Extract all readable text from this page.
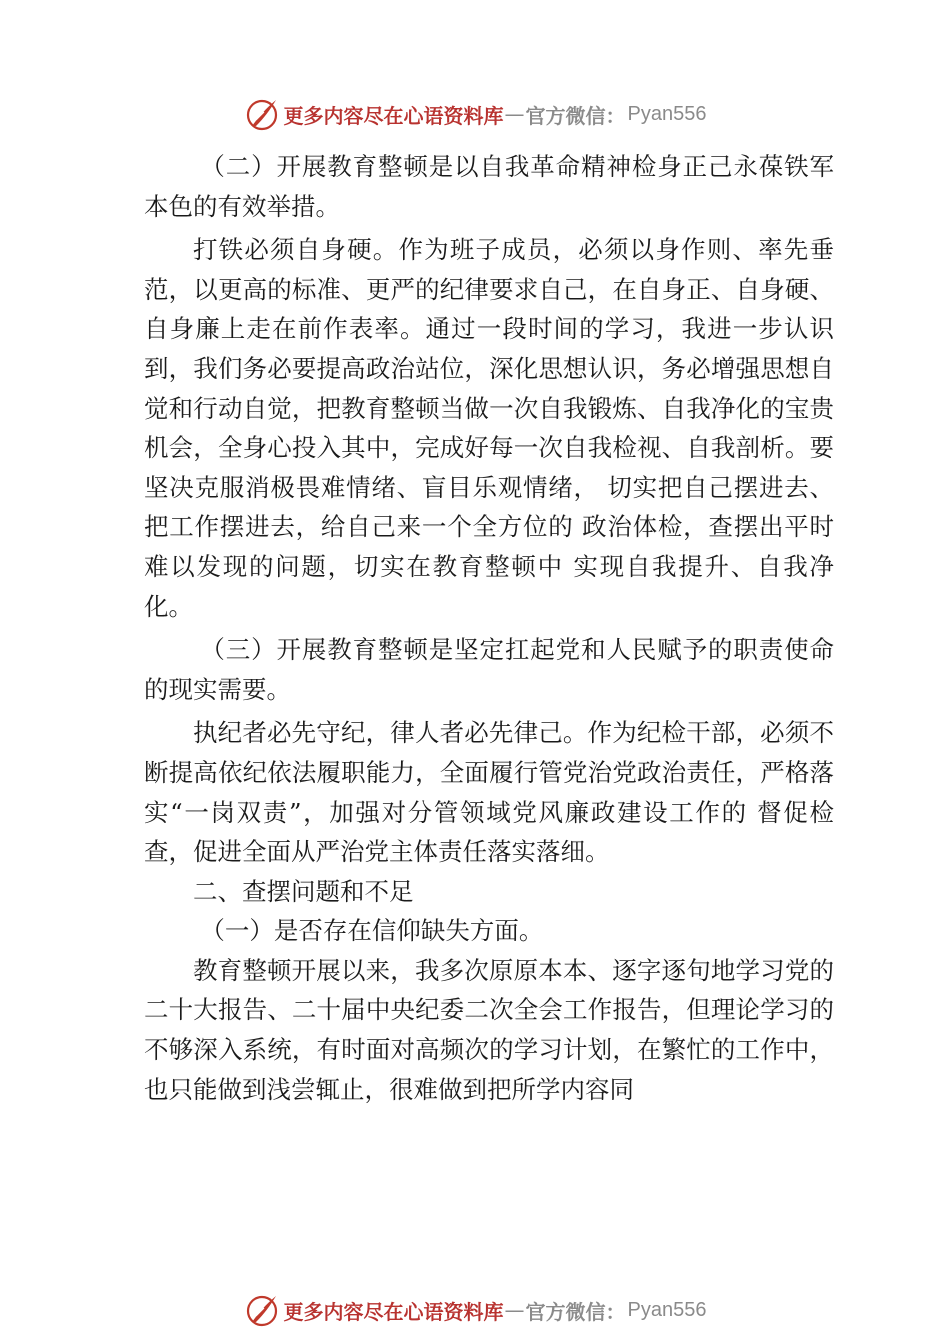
更多内容尽在心语资料库 — 官方微信： Pyan556

（二）开展教育整顿是以自我革命精神检身正己永葆铁军本色的有效举措。

打铁必须自身硬。作为班子成员，必须以身作则、率先垂范，以更高的标准、更严的纪律要求自己，在自身正、自身硬、自身廉上走在前作表率。通过一段时间的学习，我进一步认识到，我们务必要提高政治站位，深化思想认识，务必增强思想自觉和行动自觉，把教育整顿当做一次自我锻炼、自我净化的宝贵机会，全身心投入其中，完成好每一次自我检视、自我剖析。要坚决克服消极畏难情绪、盲目乐观情绪， 切实把自己摆进去、把工作摆进去，给自己来一个全方位的 政治体检，查摆出平时难以发现的问题，切实在教育整顿中 实现自我提升、自我净化。

（三）开展教育整顿是坚定扛起党和人民赋予的职责使命的现实需要。

执纪者必先守纪，律人者必先律己。作为纪检干部，必须不断提高依纪依法履职能力，全面履行管党治党政治责任，严格落实“一岗双责”，加强对分管领域党风廉政建设工作的 督促检查，促进全面从严治党主体责任落实落细。

二、查摆问题和不足

（一）是否存在信仰缺失方面。

教育整顿开展以来，我多次原原本本、逐字逐句地学习党的二十大报告、二十届中央纪委二次全会工作报告，但理论学习的不够深入系统，有时面对高频次的学习计划，在繁忙的工作中，也只能做到浅尝辄止，很难做到把所学内容同

更多内容尽在心语资料库 — 官方微信： Pyan556
